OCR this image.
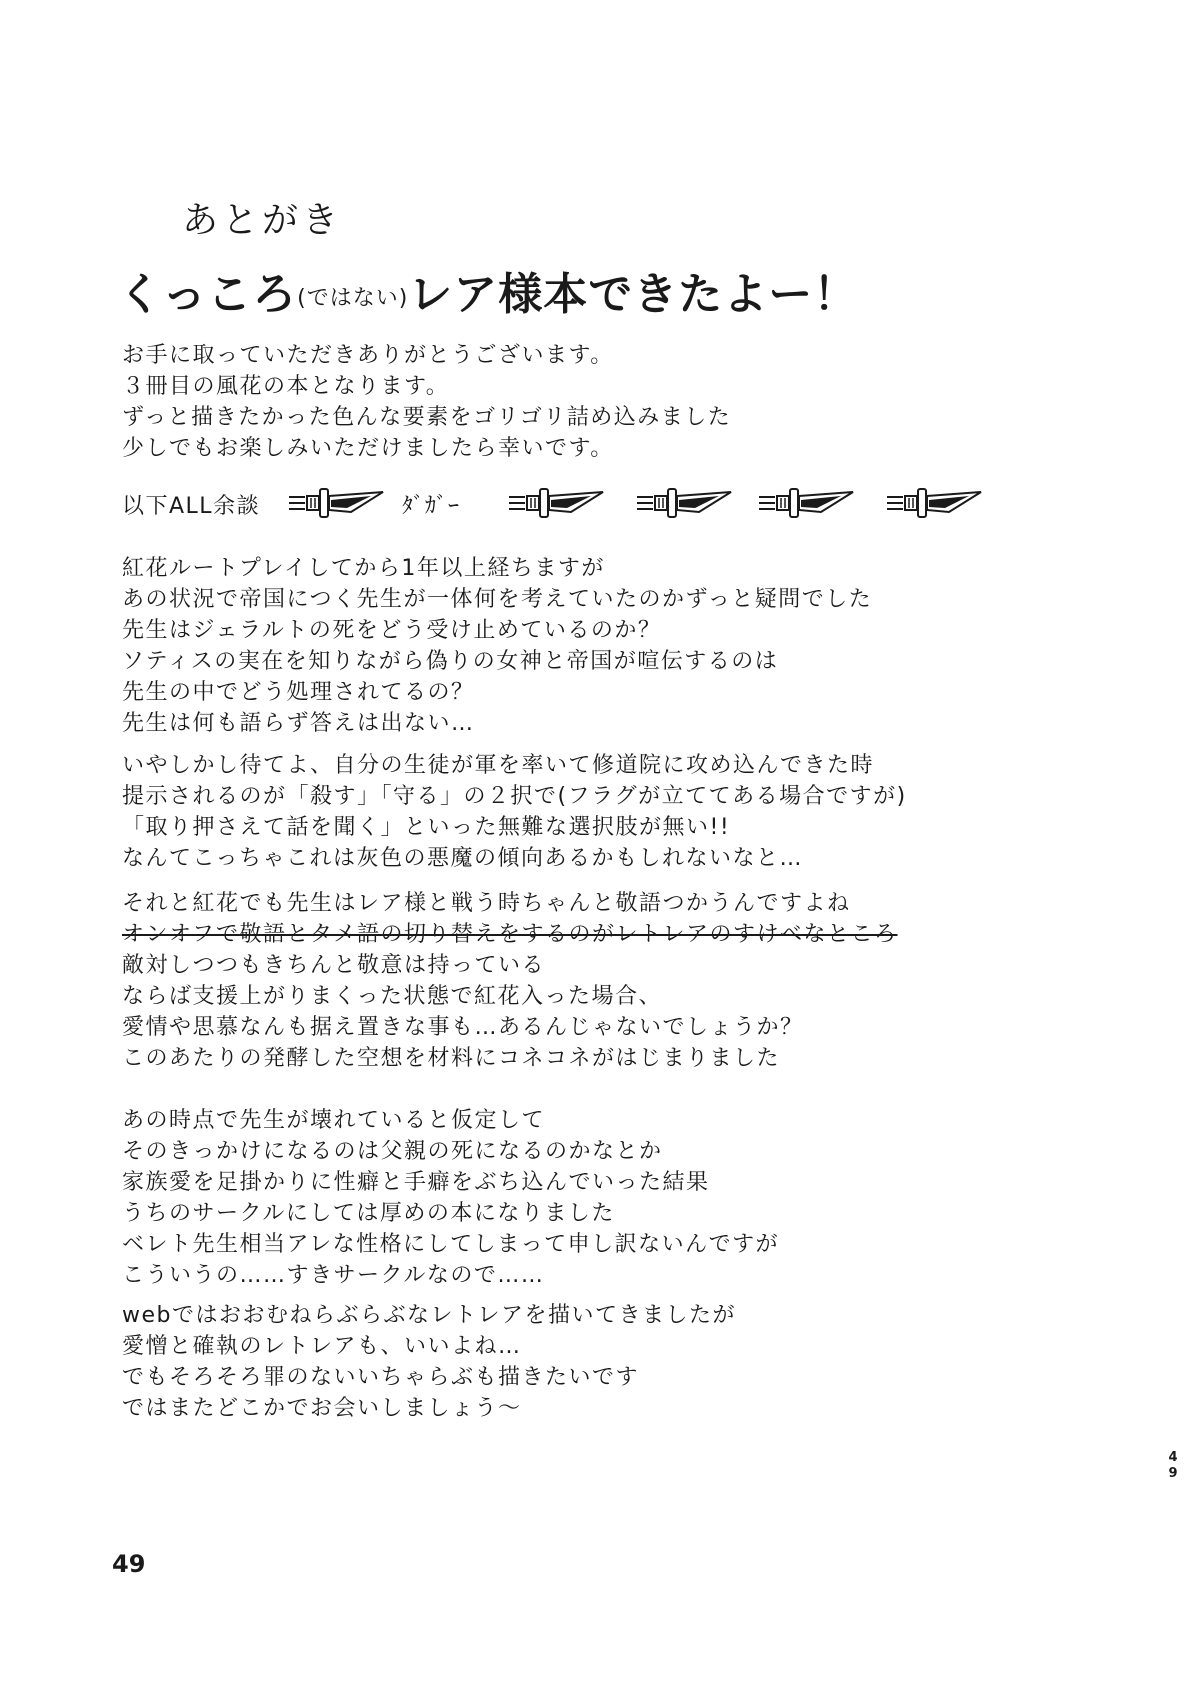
あとがき
くっころ(ではない)レア様本できたよー！
お手に取っていただきありがとうございます。
３冊目の風花の本となります。
ずっと描きたかった色んな要素をゴリゴリ詰め込みました
少しでもお楽しみいただけましたら幸いです。
以下ALL余談	ﾀﾞｶﾞｰ
紅花ルートプレイしてから1年以上経ちますが
あの状況で帝国につく先生が一体何を考えていたのかずっと疑問でした
先生はジェラルトの死をどう受け止めているのか？
ソティスの実在を知りながら偽りの女神と帝国が喧伝するのは
先生の中でどう処理されてるの？
先生は何も語らず答えは出ない…
いやしかし待てよ、自分の生徒が軍を率いて修道院に攻め込んできた時
提示されるのが「殺す」「守る」の２択で(フラグが立ててある場合ですが)
「取り押さえて話を聞く」といった無難な選択肢が無い!!
なんてこっちゃこれは灰色の悪魔の傾向あるかもしれないなと…
それと紅花でも先生はレア様と戦う時ちゃんと敬語つかうんですよね
オンオフで敬語とタメ語の切り替えをするのがレトレアのすけべなところ
敵対しつつもきちんと敬意は持っている
ならば支援上がりまくった状態で紅花入った場合、
愛情や思慕なんも据え置きな事も…あるんじゃないでしょうか？
このあたりの発酵した空想を材料にコネコネがはじまりました
あの時点で先生が壊れていると仮定して
そのきっかけになるのは父親の死になるのかなとか
家族愛を足掛かりに性癖と手癖をぶち込んでいった結果
うちのサークルにしては厚めの本になりました
ベレト先生相当アレな性格にしてしまって申し訳ないんですが
こういうの……すきサークルなので……
webではおおむねらぶらぶなレトレアを描いてきましたが
愛憎と確執のレトレアも、いいよね…
でもそろそろ罪のないいちゃらぶも描きたいです
ではまたどこかでお会いしましょう〜
4
9
49
